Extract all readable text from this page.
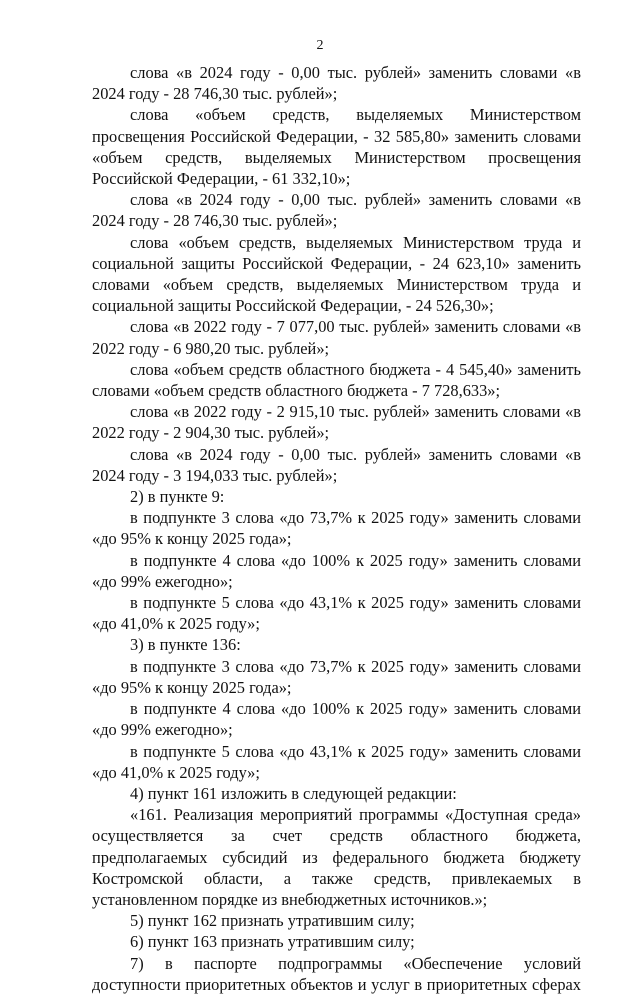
2

слова «в 2024 году - 0,00 тыс. рублей» заменить словами «в 2024 году - 28 746,30 тыс. рублей»;

слова «объем средств, выделяемых Министерством просвещения Российской Федерации, - 32 585,80» заменить словами «объем средств, выделяемых Министерством просвещения Российской Федерации, - 61 332,10»;

слова «в 2024 году - 0,00 тыс. рублей» заменить словами «в 2024 году - 28 746,30 тыс. рублей»;

слова «объем средств, выделяемых Министерством труда и социальной защиты Российской Федерации, - 24 623,10» заменить словами «объем средств, выделяемых Министерством труда и социальной защиты Российской Федерации, - 24 526,30»;

слова «в 2022 году - 7 077,00 тыс. рублей» заменить словами «в 2022 году - 6 980,20 тыс. рублей»;

слова «объем средств областного бюджета - 4 545,40» заменить словами «объем средств областного бюджета - 7 728,633»;

слова «в 2022 году - 2 915,10 тыс. рублей» заменить словами «в 2022 году - 2 904,30 тыс. рублей»;

слова «в 2024 году - 0,00 тыс. рублей» заменить словами «в 2024 году - 3 194,033 тыс. рублей»;

2) в пункте 9:

в подпункте 3 слова «до 73,7% к 2025 году» заменить словами «до 95% к концу 2025 года»;

в подпункте 4 слова «до 100% к 2025 году» заменить словами «до 99% ежегодно»;

в подпункте 5 слова «до 43,1% к 2025 году» заменить словами «до 41,0% к 2025 году»;

3) в пункте 136:

в подпункте 3 слова «до 73,7% к 2025 году» заменить словами «до 95% к концу 2025 года»;

в подпункте 4 слова «до 100% к 2025 году» заменить словами «до 99% ежегодно»;

в подпункте 5 слова «до 43,1% к 2025 году» заменить словами «до 41,0% к 2025 году»;

4) пункт 161 изложить в следующей редакции:

«161. Реализация мероприятий программы «Доступная среда» осуществляется за счет средств областного бюджета, предполагаемых субсидий из федерального бюджета бюджету Костромской области, а также средств, привлекаемых в установленном порядке из внебюджетных источников.»;

5) пункт 162 признать утратившим силу;

6) пункт 163 признать утратившим силу;

7) в паспорте подпрограммы «Обеспечение условий доступности приоритетных объектов и услуг в приоритетных сферах
